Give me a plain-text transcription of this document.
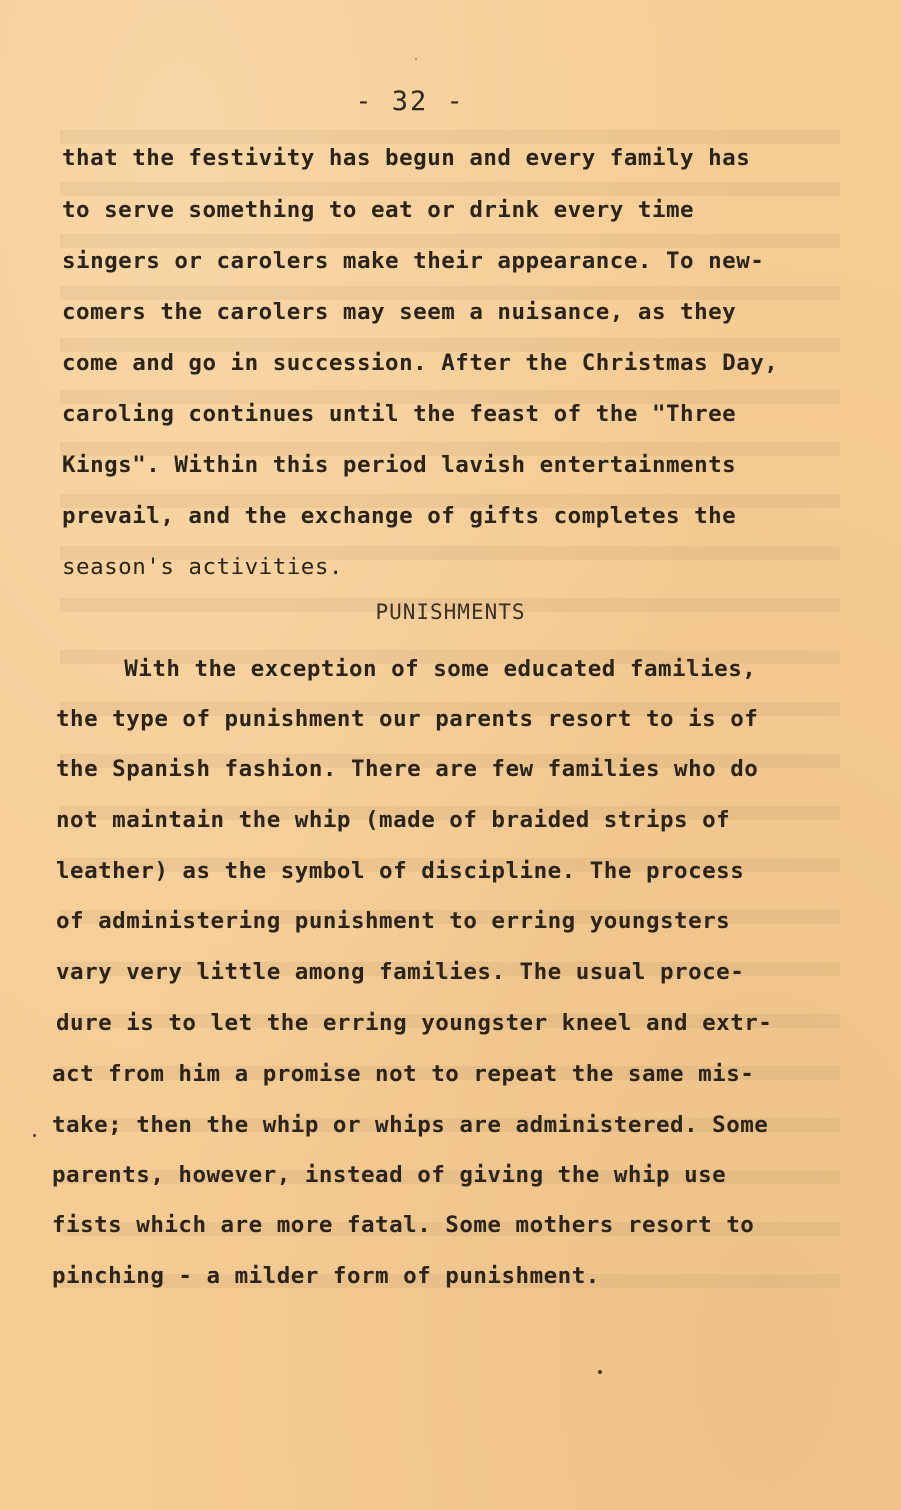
- 32 -
that the festivity has begun and every family has
to serve something to eat or drink every time
singers or carolers make their appearance. To new-
comers the carolers may seem a nuisance, as they
come and go in succession. After the Christmas Day,
caroling continues until the feast of the "Three
Kings". Within this period lavish entertainments
prevail, and the exchange of gifts completes the
season's activities.
PUNISHMENTS
With the exception of some educated families,
the type of punishment our parents resort to is of
the Spanish fashion. There are few families who do
not maintain the whip (made of braided strips of
leather) as the symbol of discipline. The process
of administering punishment to erring youngsters
vary very little among families. The usual proce-
dure is to let the erring youngster kneel and extr-
act from him a promise not to repeat the same mis-
take; then the whip or whips are administered. Some
parents, however, instead of giving the whip use
fists which are more fatal. Some mothers resort to
pinching - a milder form of punishment.
